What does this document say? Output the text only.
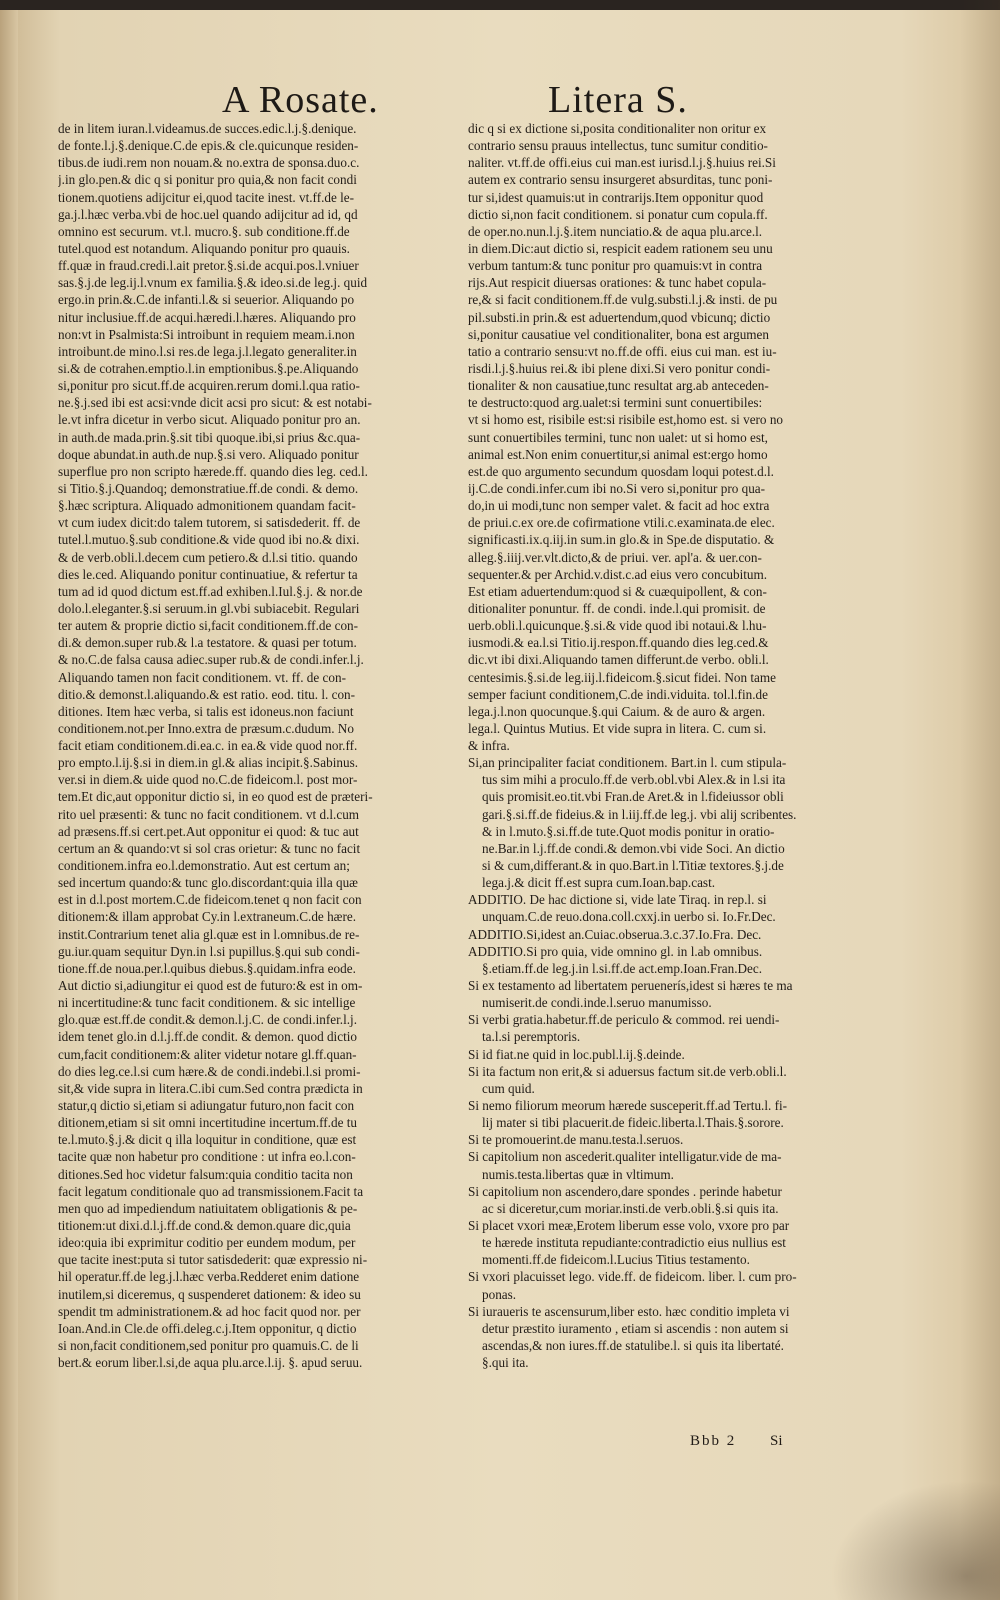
A Rosate.	Litera S.
de in litem iuran.l.videamus.de succes.edic.l.j.§.denique.
de fonte.l.j.§.denique.C.de epis.& cle.quicunque residen-
tibus.de iudi.rem non nouam.& no.extra de sponsa.duo.c.
j.in glo.pen.& dic q si ponitur pro quia,& non facit condi
tionem.quotiens adijcitur ei,quod tacite inest. vt.ff.de le-
ga.j.l.hæc verba.vbi de hoc.uel quando adijcitur ad id, qd
omnino est securum. vt.l. mucro.§. sub conditione.ff.de
tutel.quod est notandum. Aliquando ponitur pro quauis.
ff.quæ in fraud.credi.l.ait pretor.§.si.de acqui.pos.l.vniuer
sas.§.j.de leg.ij.l.vnum ex familia.§.& ideo.si.de leg.j. quid
ergo.in prin.&.C.de infanti.l.& si seuerior. Aliquando po
nitur inclusiue.ff.de acqui.hæredi.l.hæres. Aliquando pro
non:vt in Psalmista:Si introibunt in requiem meam.i.non
introibunt.de mino.l.si res.de lega.j.l.legato generaliter.in
si.& de cotrahen.emptio.l.in emptionibus.§.pe.Aliquando
si,ponitur pro sicut.ff.de acquiren.rerum domi.l.qua ratio-
ne.§.j.sed ibi est acsi:vnde dicit acsi pro sicut: & est notabi-
le.vt infra dicetur in verbo sicut. Aliquado ponitur pro an.
in auth.de mada.prin.§.sit tibi quoque.ibi,si prius &c.qua-
doque abundat.in auth.de nup.§.si vero. Aliquado ponitur
superflue pro non scripto hærede.ff. quando dies leg. ced.l.
si Titio.§.j.Quandoq; demonstratiue.ff.de condi. & demo.
§.hæc scriptura. Aliquado admonitionem quandam facit-
vt cum iudex dicit:do talem tutorem, si satisdederit. ff. de
tutel.l.mutuo.§.sub conditione.& vide quod ibi no.& dixi.
& de verb.obli.l.decem cum petiero.& d.l.si titio. quando
dies le.ced. Aliquando ponitur continuatiue, & refertur ta
tum ad id quod dictum est.ff.ad exhiben.l.Iul.§.j. & nor.de
dolo.l.eleganter.§.si seruum.in gl.vbi subiacebit. Regulari
ter autem & proprie dictio si,facit conditionem.ff.de con-
di.& demon.super rub.& l.a testatore. & quasi per totum.
& no.C.de falsa causa adiec.super rub.& de condi.infer.l.j.
Aliquando tamen non facit conditionem. vt. ff. de con-
ditio.& demonst.l.aliquando.& est ratio. eod. titu. l. con-
ditiones. Item hæc verba, si talis est idoneus.non faciunt
conditionem.not.per Inno.extra de præsum.c.dudum. No
facit etiam conditionem.di.ea.c. in ea.& vide quod nor.ff.
pro empto.l.ij.§.si in diem.in gl.& alias incipit.§.Sabinus.
ver.si in diem.& uide quod no.C.de fideicom.l. post mor-
tem.Et dic,aut opponitur dictio si, in eo quod est de præteri-
rito uel præsenti: & tunc no facit conditionem. vt d.l.cum
ad præsens.ff.si cert.pet.Aut opponitur ei quod: & tuc aut
certum an & quando:vt si sol cras orietur: & tunc no facit
conditionem.infra eo.l.demonstratio. Aut est certum an;
sed incertum quando:& tunc glo.discordant:quia illa quæ
est in d.l.post mortem.C.de fideicom.tenet q non facit con
ditionem:& illam approbat Cy.in l.extraneum.C.de hære.
instit.Contrarium tenet alia gl.quæ est in l.omnibus.de re-
gu.iur.quam sequitur Dyn.in l.si pupillus.§.qui sub condi-
tione.ff.de noua.per.l.quibus diebus.§.quidam.infra eode.
Aut dictio si,adiungitur ei quod est de futuro:& est in om-
ni incertitudine:& tunc facit conditionem. & sic intellige
glo.quæ est.ff.de condit.& demon.l.j.C. de condi.infer.l.j.
idem tenet glo.in d.l.j.ff.de condit. & demon. quod dictio
cum,facit conditionem:& aliter videtur notare gl.ff.quan-
do dies leg.ce.l.si cum hære.& de condi.indebi.l.si promi-
sit,& vide supra in litera.C.ibi cum.Sed contra prædicta in
statur,q dictio si,etiam si adiungatur futuro,non facit con
ditionem,etiam si sit omni incertitudine incertum.ff.de tu
te.l.muto.§.j.& dicit q illa loquitur in conditione, quæ est
tacite quæ non habetur pro conditione : ut infra eo.l.con-
ditiones.Sed hoc videtur falsum:quia conditio tacita non
facit legatum conditionale quo ad transmissionem.Facit ta
men quo ad impediendum natiuitatem obligationis & pe-
titionem:ut dixi.d.l.j.ff.de cond.& demon.quare dic,quia
ideo:quia ibi exprimitur coditio per eundem modum, per
que tacite inest:puta si tutor satisdederit: quæ expressio ni-
hil operatur.ff.de leg.j.l.hæc verba.Redderet enim datione
inutilem,si diceremus, q suspenderet dationem: & ideo su
spendit tm administrationem.& ad hoc facit quod nor. per
Ioan.And.in Cle.de offi.deleg.c.j.Item opponitur, q dictio
si non,facit conditionem,sed ponitur pro quamuis.C. de li
bert.& eorum liber.l.si,de aqua plu.arce.l.ij. §. apud seruu.
dic q si ex dictione si,posita conditionaliter non oritur ex
contrario sensu prauus intellectus, tunc sumitur conditio-
naliter. vt.ff.de offi.eius cui man.est iurisd.l.j.§.huius rei.Si
autem ex contrario sensu insurgeret absurditas, tunc poni-
tur si,idest quamuis:ut in contrarijs.Item opponitur quod
dictio si,non facit conditionem. si ponatur cum copula.ff.
de oper.no.nun.l.j.§.item nunciatio.& de aqua plu.arce.l.
in diem.Dic:aut dictio si, respicit eadem rationem seu unu
verbum tantum:& tunc ponitur pro quamuis:vt in contra
rijs.Aut respicit diuersas orationes: & tunc habet copula-
re,& si facit conditionem.ff.de vulg.substi.l.j.& insti. de pu
pil.substi.in prin.& est aduertendum,quod vbicunq; dictio
si,ponitur causatiue vel conditionaliter, bona est argumen
tatio a contrario sensu:vt no.ff.de offi. eius cui man. est iu-
risdi.l.j.§.huius rei.& ibi plene dixi.Si vero ponitur condi-
tionaliter & non causatiue,tunc resultat arg.ab anteceden-
te destructo:quod arg.ualet:si termini sunt conuertibiles:
vt si homo est, risibile est:si risibile est,homo est. si vero no
sunt conuertibiles termini, tunc non ualet: ut si homo est,
animal est.Non enim conuertitur,si animal est:ergo homo
est.de quo argumento secundum quosdam loqui potest.d.l.
ij.C.de condi.infer.cum ibi no.Si vero si,ponitur pro qua-
do,in ui modi,tunc non semper valet. & facit ad hoc extra
de priui.c.ex ore.de cofirmatione vtili.c.examinata.de elec.
significasti.ix.q.iij.in sum.in glo.& in Spe.de disputatio. &
alleg.§.iiij.ver.vlt.dicto,& de priui. ver. apl'a. & uer.con-
sequenter.& per Archid.v.dist.c.ad eius vero concubitum.
Est etiam aduertendum:quod si & cuæquipollent, & con-
ditionaliter ponuntur. ff. de condi. inde.l.qui promisit. de
uerb.obli.l.quicunque.§.si.& vide quod ibi notaui.& l.hu-
iusmodi.& ea.l.si Titio.ij.respon.ff.quando dies leg.ced.&
dic.vt ibi dixi.Aliquando tamen differunt.de verbo. obli.l.
centesimis.§.si.de leg.iij.l.fideicom.§.sicut fidei. Non tame
semper faciunt conditionem,C.de indi.viduita. tol.l.fin.de
lega.j.l.non quocunque.§.qui Caium. & de auro & argen.
lega.l. Quintus Mutius. Et vide supra in litera. C. cum si.
& infra.
Si,an principaliter faciat conditionem. Bart.in l. cum stipula-
tus sim mihi a proculo.ff.de verb.obl.vbi Alex.& in l.si ita
quis promisit.eo.tit.vbi Fran.de Aret.& in l.fideiussor obli
gari.§.si.ff.de fideius.& in l.iij.ff.de leg.j. vbi alij scribentes.
& in l.muto.§.si.ff.de tute.Quot modis ponitur in oratio-
ne.Bar.in l.j.ff.de condi.& demon.vbi vide Soci. An dictio
si & cum,differant.& in quo.Bart.in l.Titiæ textores.§.j.de
lega.j.& dicit ff.est supra cum.Ioan.bap.cast.
ADDITIO. De hac dictione si, vide late Tiraq. in rep.l. si
unquam.C.de reuo.dona.coll.cxxj.in uerbo si. Io.Fr.Dec.
ADDITIO.Si,idest an.Cuiac.obserua.3.c.37.Io.Fra. Dec.
ADDITIO.Si pro quia, vide omnino gl. in l.ab omnibus.
§.etiam.ff.de leg.j.in l.si.ff.de act.emp.Ioan.Fran.Dec.
Si ex testamento ad libertatem peruenerís,idest si hæres te ma
numiserit.de condi.inde.l.seruo manumisso.
Si verbi gratia.habetur.ff.de periculo & commod. rei uendi-
ta.l.si peremptoris.
Si id fiat.ne quid in loc.publ.l.ij.§.deinde.
Si ita factum non erit,& si aduersus factum sit.de verb.obli.l.
cum quid.
Si nemo filiorum meorum hærede susceperit.ff.ad Tertu.l. fi-
lij mater si tibi placuerit.de fideic.liberta.l.Thais.§.sorore.
Si te promouerint.de manu.testa.l.seruos.
Si capitolium non ascederit.qualiter intelligatur.vide de ma-
numis.testa.libertas quæ in vltimum.
Si capitolium non ascendero,dare spondes . perinde habetur
ac si diceretur,cum moriar.insti.de verb.obli.§.si quis ita.
Si placet vxori meæ,Erotem liberum esse volo, vxore pro par
te hærede instituta repudiante:contradictio eius nullius est
momenti.ff.de fideicom.l.Lucius Titius testamento.
Si vxori placuisset lego. vide.ff. de fideicom. liber. l. cum pro-
ponas.
Si iuraueris te ascensurum,liber esto. hæc conditio impleta vi
detur præstito iuramento , etiam si ascendis : non autem si
ascendas,& non iures.ff.de statulibe.l. si quis ita libertaté.
§.qui ita.
Bbb 2 Si
